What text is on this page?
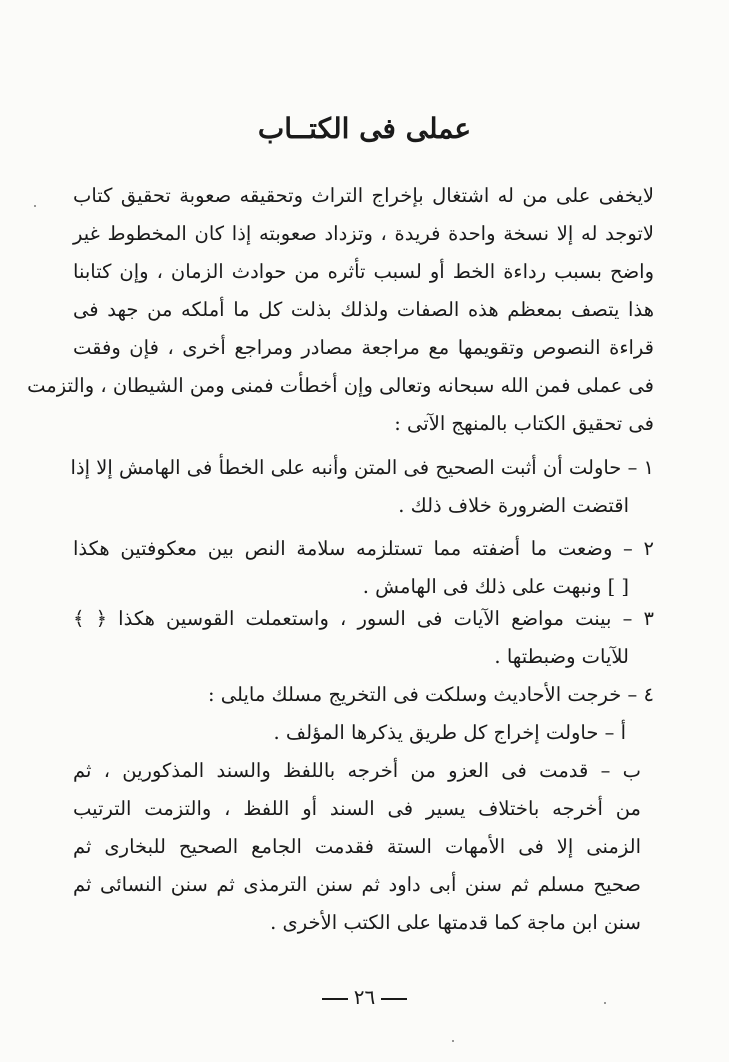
عملى فى الكتــاب
لايخفى على من له اشتغال بإخراج التراث وتحقيقه صعوبة تحقيق كتاب
لاتوجد له إلا نسخة واحدة فريدة ، وتزداد صعوبته إذا كان المخطوط غير
واضح بسبب رداءة الخط أو لسبب تأثره من حوادث الزمان ، وإن كتابنا
هذا يتصف بمعظم هذه الصفات ولذلك بذلت كل ما أملكه من جهد فى
قراءة النصوص وتقويمها مع مراجعة مصادر ومراجع أخرى ، فإن وفقت
فى عملى فمن الله سبحانه وتعالى وإن أخطأت فمنى ومن الشيطان ، والتزمت
فى تحقيق الكتاب بالمنهج الآتى :
١ – حاولت أن أثبت الصحيح فى المتن وأنبه على الخطأ فى الهامش إلا إذا
اقتضت الضرورة خلاف ذلك .
٢ – وضعت ما أضفته مما تستلزمه سلامة النص بين معكوفتين هكذا
[ ] ونبهت على ذلك فى الهامش .
٣ – بينت مواضع الآيات فى السور ، واستعملت القوسين هكذا ﴿ ﴾
للآيات وضبطتها .
٤ – خرجت الأحاديث وسلكت فى التخريج مسلك مايلى :
أ – حاولت إخراج كل طريق يذكرها المؤلف .
ب – قدمت فى العزو من أخرجه باللفظ والسند المذكورين ، ثم
من أخرجه باختلاف يسير فى السند أو اللفظ ، والتزمت الترتيب
الزمنى إلا فى الأمهات الستة فقدمت الجامع الصحيح للبخارى ثم
صحيح مسلم ثم سنن أبى داود ثم سنن الترمذى ثم سنن النسائى ثم
سنن ابن ماجة كما قدمتها على الكتب الأخرى .
٢٦
